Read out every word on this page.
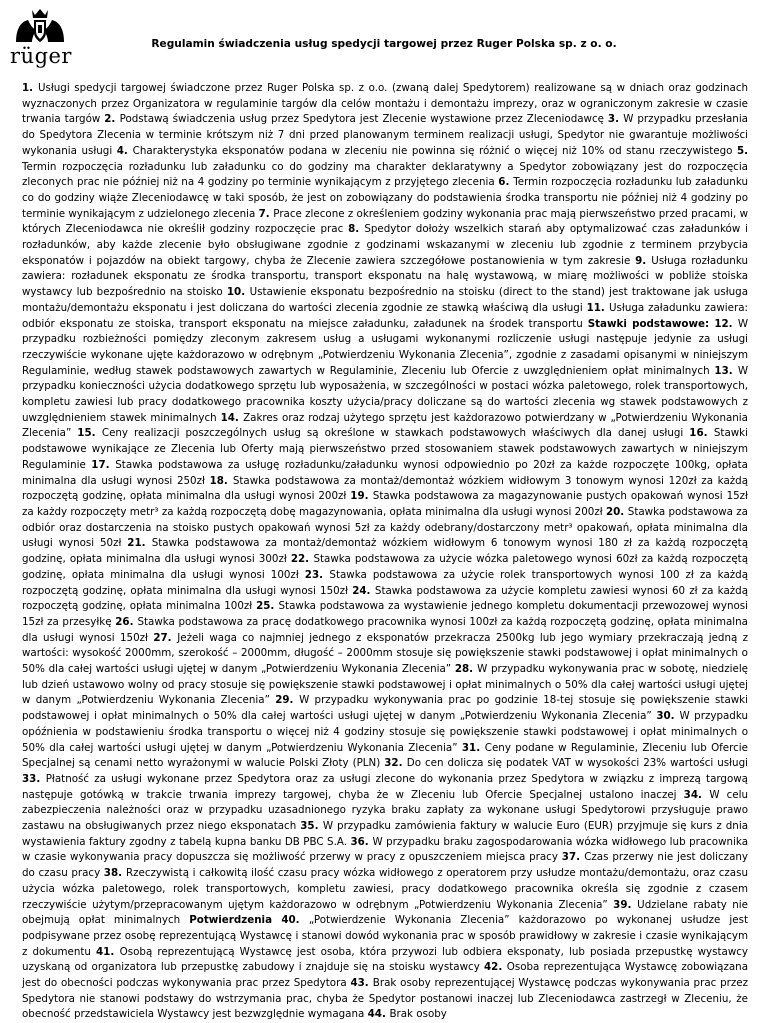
rüger	Regulamin świadczenia usług spedycji targowej przez Ruger Polska sp. z o. o.
1. Usługi spedycji targowej świadczone przez Ruger Polska sp. z o.o. (zwaną dalej Spedytorem) realizowane są w dniach oraz godzinach wyznaczonych przez Organizatora w regulaminie targów dla celów montażu i demontażu imprezy, oraz w ograniczonym zakresie w czasie trwania targów 2. Podstawą świadczenia usług przez Spedytora jest Zlecenie wystawione przez Zleceniodawcę 3. W przypadku przesłania do Spedytora Zlecenia w terminie krótszym niż 7 dni przed planowanym terminem realizacji usługi, Spedytor nie gwarantuje możliwości wykonania usługi 4. Charakterystyka eksponatów podana w zleceniu nie powinna się różnić o więcej niż 10% od stanu rzeczywistego 5. Termin rozpoczęcia rozładunku lub załadunku co do godziny ma charakter deklaratywny a Spedytor zobowiązany jest do rozpoczęcia zleconych prac nie później niż na 4 godziny po terminie wynikającym z przyjętego zlecenia 6. Termin rozpoczęcia rozładunku lub załadunku co do godziny wiąże Zleceniodawcę w taki sposób, że jest on zobowiązany do podstawienia środka transportu nie później niż 4 godziny po terminie wynikającym z udzielonego zlecenia 7. Prace zlecone z określeniem godziny wykonania prac mają pierwszeństwo przed pracami, w których Zleceniodawca nie określił godziny rozpoczęcie prac 8. Spedytor dołoży wszelkich starań aby optymalizować czas załadunków i rozładunków, aby każde zlecenie było obsługiwane zgodnie z godzinami wskazanymi w zleceniu lub zgodnie z terminem przybycia eksponatów i pojazdów na obiekt targowy, chyba że Zlecenie zawiera szczegółowe postanowienia w tym zakresie 9. Usługa rozładunku zawiera: rozładunek eksponatu ze środka transportu, transport eksponatu na halę wystawową, w miarę możliwości w pobliże stoiska wystawcy lub bezpośrednio na stoisko 10. Ustawienie eksponatu bezpośrednio na stoisku (direct to the stand) jest traktowane jak usługa montażu/demontażu eksponatu i jest doliczana do wartości zlecenia zgodnie ze stawką właściwą dla usługi 11. Usługa załadunku zawiera: odbiór eksponatu ze stoiska, transport eksponatu na miejsce załadunku, załadunek na środek transportu Stawki podstawowe: 12. W przypadku rozbieżności pomiędzy zleconym zakresem usług a usługami wykonanymi rozliczenie usługi następuje jedynie za usługi rzeczywiście wykonane ujęte każdorazowo w odrębnym „Potwierdzeniu Wykonania Zlecenia”, zgodnie z zasadami opisanymi w niniejszym Regulaminie, według stawek podstawowych zawartych w Regulaminie, Zleceniu lub Ofercie z uwzględnieniem opłat minimalnych 13. W przypadku konieczności użycia dodatkowego sprzętu lub wyposażenia, w szczególności w postaci wózka paletowego, rolek transportowych, kompletu zawiesi lub pracy dodatkowego pracownika koszty użycia/pracy doliczane są do wartości zlecenia wg stawek podstawowych z uwzględnieniem stawek minimalnych 14. Zakres oraz rodzaj użytego sprzętu jest każdorazowo potwierdzany w „Potwierdzeniu Wykonania Zlecenia” 15. Ceny realizacji poszczególnych usług są określone w stawkach podstawowych właściwych dla danej usługi 16. Stawki podstawowe wynikające ze Zlecenia lub Oferty mają pierwszeństwo przed stosowaniem stawek podstawowych zawartych w niniejszym Regulaminie 17. Stawka podstawowa za usługę rozładunku/załadunku wynosi odpowiednio po 20zł za każde rozpoczęte 100kg, opłata minimalna dla usługi wynosi 250zł 18. Stawka podstawowa za montaż/demontaż wózkiem widłowym 3 tonowym wynosi 120zł za każdą rozpoczętą godzinę, opłata minimalna dla usługi wynosi 200zł 19. Stawka podstawowa za magazynowanie pustych opakowań wynosi 15zł za każdy rozpoczęty metr³ za każdą rozpoczętą dobę magazynowania, opłata minimalna dla usługi wynosi 200zł 20. Stawka podstawowa za odbiór oraz dostarczenia na stoisko pustych opakowań wynosi 5zł za każdy odebrany/dostarczony metr³ opakowań, opłata minimalna dla usługi wynosi 50zł 21. Stawka podstawowa za montaż/demontaż wózkiem widłowym 6 tonowym wynosi 180 zł za każdą rozpoczętą godzinę, opłata minimalna dla usługi wynosi 300zł 22. Stawka podstawowa za użycie wózka paletowego wynosi 60zł za każdą rozpoczętą godzinę, opłata minimalna dla usługi wynosi 100zł 23. Stawka podstawowa za użycie rolek transportowych wynosi 100 zł za każdą rozpoczętą godzinę, opłata minimalna dla usługi wynosi 150zł 24. Stawka podstawowa za użycie kompletu zawiesi wynosi 60 zł za każdą rozpoczętą godzinę, opłata minimalna 100zł 25. Stawka podstawowa za wystawienie jednego kompletu dokumentacji przewozowej wynosi 15zł za przesyłkę 26. Stawka podstawowa za pracę dodatkowego pracownika wynosi 100zł za każdą rozpoczętą godzinę, opłata minimalna dla usługi wynosi 150zł 27. Jeżeli waga co najmniej jednego z eksponatów przekracza 2500kg lub jego wymiary przekraczają jedną z wartości: wysokość 2000mm, szerokość – 2000mm, długość – 2000mm stosuje się powiększenie stawki podstawowej i opłat minimalnych o 50% dla całej wartości usługi ujętej w danym „Potwierdzeniu Wykonania Zlecenia” 28. W przypadku wykonywania prac w sobotę, niedzielę lub dzień ustawowo wolny od pracy stosuje się powiększenie stawki podstawowej i opłat minimalnych o 50% dla całej wartości usługi ujętej w danym „Potwierdzeniu Wykonania Zlecenia” 29. W przypadku wykonywania prac po godzinie 18-tej stosuje się powiększenie stawki podstawowej i opłat minimalnych o 50% dla całej wartości usługi ujętej w danym „Potwierdzeniu Wykonania Zlecenia” 30. W przypadku opóźnienia w podstawieniu środka transportu o więcej niż 4 godziny stosuje się powiększenie stawki podstawowej i opłat minimalnych o 50% dla całej wartości usługi ujętej w danym „Potwierdzeniu Wykonania Zlecenia” 31. Ceny podane w Regulaminie, Zleceniu lub Ofercie Specjalnej są cenami netto wyrażonymi w walucie Polski Złoty (PLN) 32. Do cen dolicza się podatek VAT w wysokości 23% wartości usługi 33. Płatność za usługi wykonane przez Spedytora oraz za usługi zlecone do wykonania przez Spedytora w związku z imprezą targową następuje gotówką w trakcie trwania imprezy targowej, chyba że w Zleceniu lub Ofercie Specjalnej ustalono inaczej 34. W celu zabezpieczenia należności oraz w przypadku uzasadnionego ryzyka braku zapłaty za wykonane usługi Spedytorowi przysługuje prawo zastawu na obsługiwanych przez niego eksponatach 35. W przypadku zamówienia faktury w walucie Euro (EUR) przyjmuje się kurs z dnia wystawienia faktury zgodny z tabelą kupna banku DB PBC S.A. 36. W przypadku braku zagospodarowania wózka widłowego lub pracownika w czasie wykonywania pracy dopuszcza się możliwość przerwy w pracy z opuszczeniem miejsca pracy 37. Czas przerwy nie jest doliczany do czasu pracy 38. Rzeczywistą i całkowitą ilość czasu pracy wózka widłowego z operatorem przy usłudze montażu/demontażu, oraz czasu użycia wózka paletowego, rolek transportowych, kompletu zawiesi, pracy dodatkowego pracownika określa się zgodnie z czasem rzeczywiście użytym/przepracowanym ujętym każdorazowo w odrębnym „Potwierdzeniu Wykonania Zlecenia” 39. Udzielane rabaty nie obejmują opłat minimalnych Potwierdzenia 40. „Potwierdzenie Wykonania Zlecenia” każdorazowo po wykonanej usłudze jest podpisywane przez osobę reprezentującą Wystawcę i stanowi dowód wykonania prac w sposób prawidłowy w zakresie i czasie wynikającym z dokumentu 41. Osobą reprezentującą Wystawcę jest osoba, która przywozi lub odbiera eksponaty, lub posiada przepustkę wystawcy uzyskaną od organizatora lub przepustkę zabudowy i znajduje się na stoisku wystawcy 42. Osoba reprezentująca Wystawcę zobowiązana jest do obecności podczas wykonywania prac przez Spedytora 43. Brak osoby reprezentującej Wystawcę podczas wykonywania prac przez Spedytora nie stanowi podstawy do wstrzymania prac, chyba że Spedytor postanowi inaczej lub Zleceniodawca zastrzegł w Zleceniu, że obecność przedstawiciela Wystawcy jest bezwzględnie wymagana 44. Brak osoby
